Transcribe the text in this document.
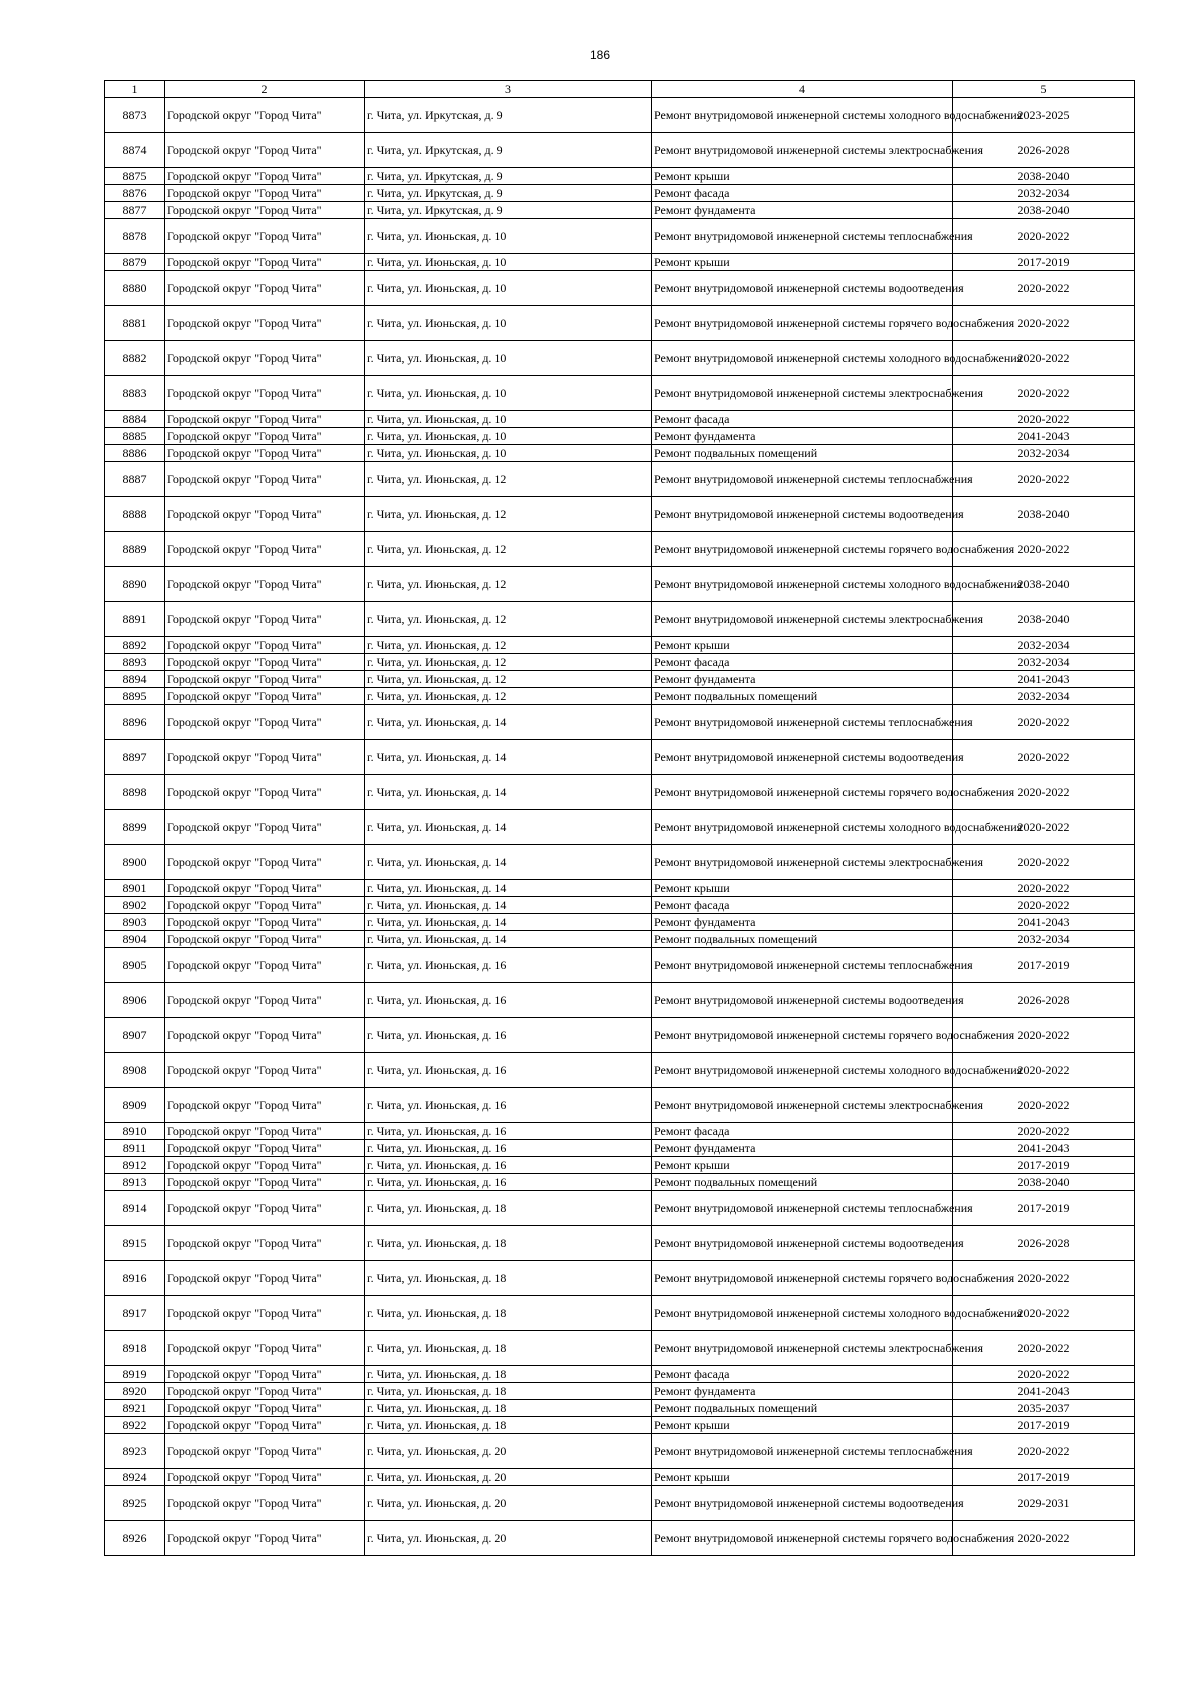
186
1	2	3	4	5
8873	Городской округ "Город Чита"	г. Чита, ул. Иркутская, д. 9	Ремонт внутридомовой инженерной системы холодного водоснабжения	2023-2025
8874	Городской округ "Город Чита"	г. Чита, ул. Иркутская, д. 9	Ремонт внутридомовой инженерной системы электроснабжения	2026-2028
8875	Городской округ "Город Чита"	г. Чита, ул. Иркутская, д. 9	Ремонт крыши	2038-2040
8876	Городской округ "Город Чита"	г. Чита, ул. Иркутская, д. 9	Ремонт фасада	2032-2034
8877	Городской округ "Город Чита"	г. Чита, ул. Иркутская, д. 9	Ремонт фундамента	2038-2040
8878	Городской округ "Город Чита"	г. Чита, ул. Июньская, д. 10	Ремонт внутридомовой инженерной системы теплоснабжения	2020-2022
8879	Городской округ "Город Чита"	г. Чита, ул. Июньская, д. 10	Ремонт крыши	2017-2019
8880	Городской округ "Город Чита"	г. Чита, ул. Июньская, д. 10	Ремонт внутридомовой инженерной системы водоотведения	2020-2022
8881	Городской округ "Город Чита"	г. Чита, ул. Июньская, д. 10	Ремонт внутридомовой инженерной системы горячего водоснабжения	2020-2022
8882	Городской округ "Город Чита"	г. Чита, ул. Июньская, д. 10	Ремонт внутридомовой инженерной системы холодного водоснабжения	2020-2022
8883	Городской округ "Город Чита"	г. Чита, ул. Июньская, д. 10	Ремонт внутридомовой инженерной системы электроснабжения	2020-2022
8884	Городской округ "Город Чита"	г. Чита, ул. Июньская, д. 10	Ремонт фасада	2020-2022
8885	Городской округ "Город Чита"	г. Чита, ул. Июньская, д. 10	Ремонт фундамента	2041-2043
8886	Городской округ "Город Чита"	г. Чита, ул. Июньская, д. 10	Ремонт подвальных помещений	2032-2034
8887	Городской округ "Город Чита"	г. Чита, ул. Июньская, д. 12	Ремонт внутридомовой инженерной системы теплоснабжения	2020-2022
8888	Городской округ "Город Чита"	г. Чита, ул. Июньская, д. 12	Ремонт внутридомовой инженерной системы водоотведения	2038-2040
8889	Городской округ "Город Чита"	г. Чита, ул. Июньская, д. 12	Ремонт внутридомовой инженерной системы горячего водоснабжения	2020-2022
8890	Городской округ "Город Чита"	г. Чита, ул. Июньская, д. 12	Ремонт внутридомовой инженерной системы холодного водоснабжения	2038-2040
8891	Городской округ "Город Чита"	г. Чита, ул. Июньская, д. 12	Ремонт внутридомовой инженерной системы электроснабжения	2038-2040
8892	Городской округ "Город Чита"	г. Чита, ул. Июньская, д. 12	Ремонт крыши	2032-2034
8893	Городской округ "Город Чита"	г. Чита, ул. Июньская, д. 12	Ремонт фасада	2032-2034
8894	Городской округ "Город Чита"	г. Чита, ул. Июньская, д. 12	Ремонт фундамента	2041-2043
8895	Городской округ "Город Чита"	г. Чита, ул. Июньская, д. 12	Ремонт подвальных помещений	2032-2034
8896	Городской округ "Город Чита"	г. Чита, ул. Июньская, д. 14	Ремонт внутридомовой инженерной системы теплоснабжения	2020-2022
8897	Городской округ "Город Чита"	г. Чита, ул. Июньская, д. 14	Ремонт внутридомовой инженерной системы водоотведения	2020-2022
8898	Городской округ "Город Чита"	г. Чита, ул. Июньская, д. 14	Ремонт внутридомовой инженерной системы горячего водоснабжения	2020-2022
8899	Городской округ "Город Чита"	г. Чита, ул. Июньская, д. 14	Ремонт внутридомовой инженерной системы холодного водоснабжения	2020-2022
8900	Городской округ "Город Чита"	г. Чита, ул. Июньская, д. 14	Ремонт внутридомовой инженерной системы электроснабжения	2020-2022
8901	Городской округ "Город Чита"	г. Чита, ул. Июньская, д. 14	Ремонт крыши	2020-2022
8902	Городской округ "Город Чита"	г. Чита, ул. Июньская, д. 14	Ремонт фасада	2020-2022
8903	Городской округ "Город Чита"	г. Чита, ул. Июньская, д. 14	Ремонт фундамента	2041-2043
8904	Городской округ "Город Чита"	г. Чита, ул. Июньская, д. 14	Ремонт подвальных помещений	2032-2034
8905	Городской округ "Город Чита"	г. Чита, ул. Июньская, д. 16	Ремонт внутридомовой инженерной системы теплоснабжения	2017-2019
8906	Городской округ "Город Чита"	г. Чита, ул. Июньская, д. 16	Ремонт внутридомовой инженерной системы водоотведения	2026-2028
8907	Городской округ "Город Чита"	г. Чита, ул. Июньская, д. 16	Ремонт внутридомовой инженерной системы горячего водоснабжения	2020-2022
8908	Городской округ "Город Чита"	г. Чита, ул. Июньская, д. 16	Ремонт внутридомовой инженерной системы холодного водоснабжения	2020-2022
8909	Городской округ "Город Чита"	г. Чита, ул. Июньская, д. 16	Ремонт внутридомовой инженерной системы электроснабжения	2020-2022
8910	Городской округ "Город Чита"	г. Чита, ул. Июньская, д. 16	Ремонт фасада	2020-2022
8911	Городской округ "Город Чита"	г. Чита, ул. Июньская, д. 16	Ремонт фундамента	2041-2043
8912	Городской округ "Город Чита"	г. Чита, ул. Июньская, д. 16	Ремонт крыши	2017-2019
8913	Городской округ "Город Чита"	г. Чита, ул. Июньская, д. 16	Ремонт подвальных помещений	2038-2040
8914	Городской округ "Город Чита"	г. Чита, ул. Июньская, д. 18	Ремонт внутридомовой инженерной системы теплоснабжения	2017-2019
8915	Городской округ "Город Чита"	г. Чита, ул. Июньская, д. 18	Ремонт внутридомовой инженерной системы водоотведения	2026-2028
8916	Городской округ "Город Чита"	г. Чита, ул. Июньская, д. 18	Ремонт внутридомовой инженерной системы горячего водоснабжения	2020-2022
8917	Городской округ "Город Чита"	г. Чита, ул. Июньская, д. 18	Ремонт внутридомовой инженерной системы холодного водоснабжения	2020-2022
8918	Городской округ "Город Чита"	г. Чита, ул. Июньская, д. 18	Ремонт внутридомовой инженерной системы электроснабжения	2020-2022
8919	Городской округ "Город Чита"	г. Чита, ул. Июньская, д. 18	Ремонт фасада	2020-2022
8920	Городской округ "Город Чита"	г. Чита, ул. Июньская, д. 18	Ремонт фундамента	2041-2043
8921	Городской округ "Город Чита"	г. Чита, ул. Июньская, д. 18	Ремонт подвальных помещений	2035-2037
8922	Городской округ "Город Чита"	г. Чита, ул. Июньская, д. 18	Ремонт крыши	2017-2019
8923	Городской округ "Город Чита"	г. Чита, ул. Июньская, д. 20	Ремонт внутридомовой инженерной системы теплоснабжения	2020-2022
8924	Городской округ "Город Чита"	г. Чита, ул. Июньская, д. 20	Ремонт крыши	2017-2019
8925	Городской округ "Город Чита"	г. Чита, ул. Июньская, д. 20	Ремонт внутридомовой инженерной системы водоотведения	2029-2031
8926	Городской округ "Город Чита"	г. Чита, ул. Июньская, д. 20	Ремонт внутридомовой инженерной системы горячего водоснабжения	2020-2022
